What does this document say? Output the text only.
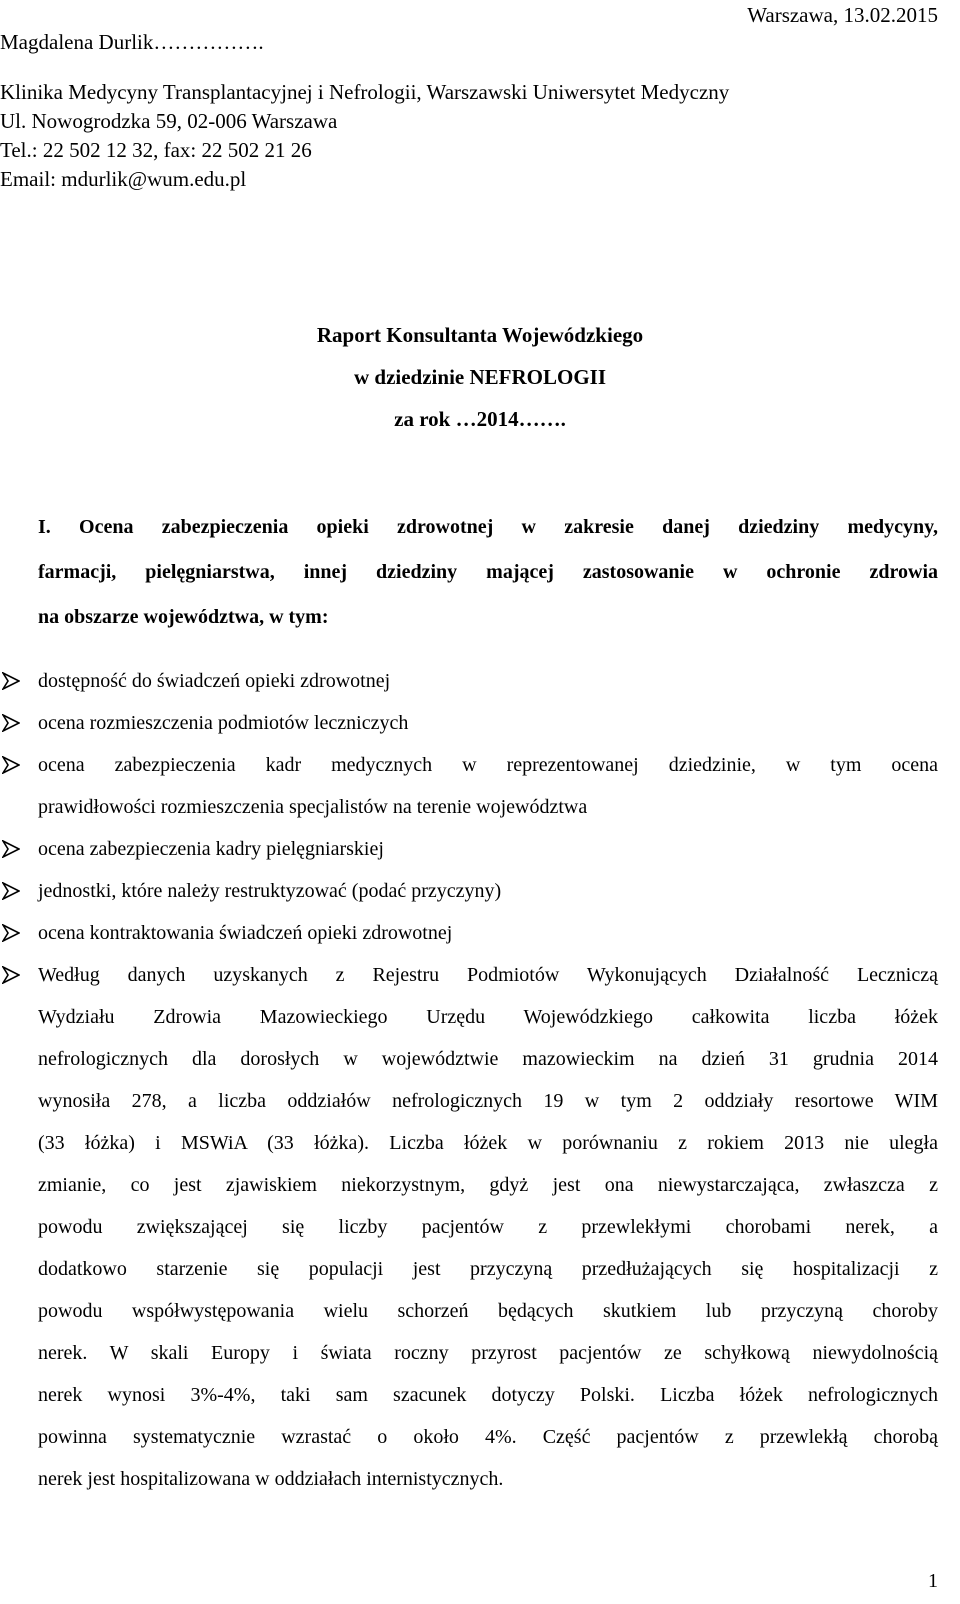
Warszawa, 13.02.2015
Magdalena Durlik…………….
Klinika Medycyny Transplantacyjnej i Nefrologii, Warszawski Uniwersytet Medyczny
Ul. Nowogrodzka 59, 02-006 Warszawa
Tel.: 22 502 12 32, fax: 22 502 21 26
Email: mdurlik@wum.edu.pl
Raport Konsultanta Wojewódzkiego
w dziedzinie NEFROLOGII
za rok …2014…….
I. Ocena zabezpieczenia opieki zdrowotnej w zakresie danej dziedziny medycyny,
farmacji, pielęgniarstwa, innej dziedziny mającej zastosowanie w ochronie zdrowia
na obszarze województwa, w tym:
dostępność do świadczeń opieki zdrowotnej
ocena rozmieszczenia podmiotów leczniczych
ocena zabezpieczenia kadr medycznych w reprezentowanej dziedzinie, w tym ocena
prawidłowości rozmieszczenia specjalistów na terenie województwa
ocena zabezpieczenia kadry pielęgniarskiej
jednostki, które należy restruktyzować (podać przyczyny)
ocena kontraktowania świadczeń opieki zdrowotnej
Według danych uzyskanych z Rejestru Podmiotów Wykonujących Działalność Leczniczą
Wydziału Zdrowia Mazowieckiego Urzędu Wojewódzkiego całkowita liczba łóżek
nefrologicznych dla dorosłych w województwie mazowieckim na dzień 31 grudnia 2014
wynosiła 278, a liczba oddziałów nefrologicznych 19 w tym 2 oddziały resortowe WIM
(33 łóżka) i MSWiA (33 łóżka). Liczba łóżek w porównaniu z rokiem 2013 nie uległa
zmianie, co jest zjawiskiem niekorzystnym, gdyż jest ona niewystarczająca, zwłaszcza z
powodu zwiększającej się liczby pacjentów z przewlekłymi chorobami nerek, a
dodatkowo starzenie się populacji jest przyczyną przedłużających się hospitalizacji z
powodu współwystępowania wielu schorzeń będących skutkiem lub przyczyną choroby
nerek. W skali Europy i świata roczny przyrost pacjentów ze schyłkową niewydolnością
nerek wynosi 3%-4%, taki sam szacunek dotyczy Polski. Liczba łóżek nefrologicznych
powinna systematycznie wzrastać o około 4%. Część pacjentów z przewlekłą chorobą
nerek jest hospitalizowana w oddziałach internistycznych.
1
